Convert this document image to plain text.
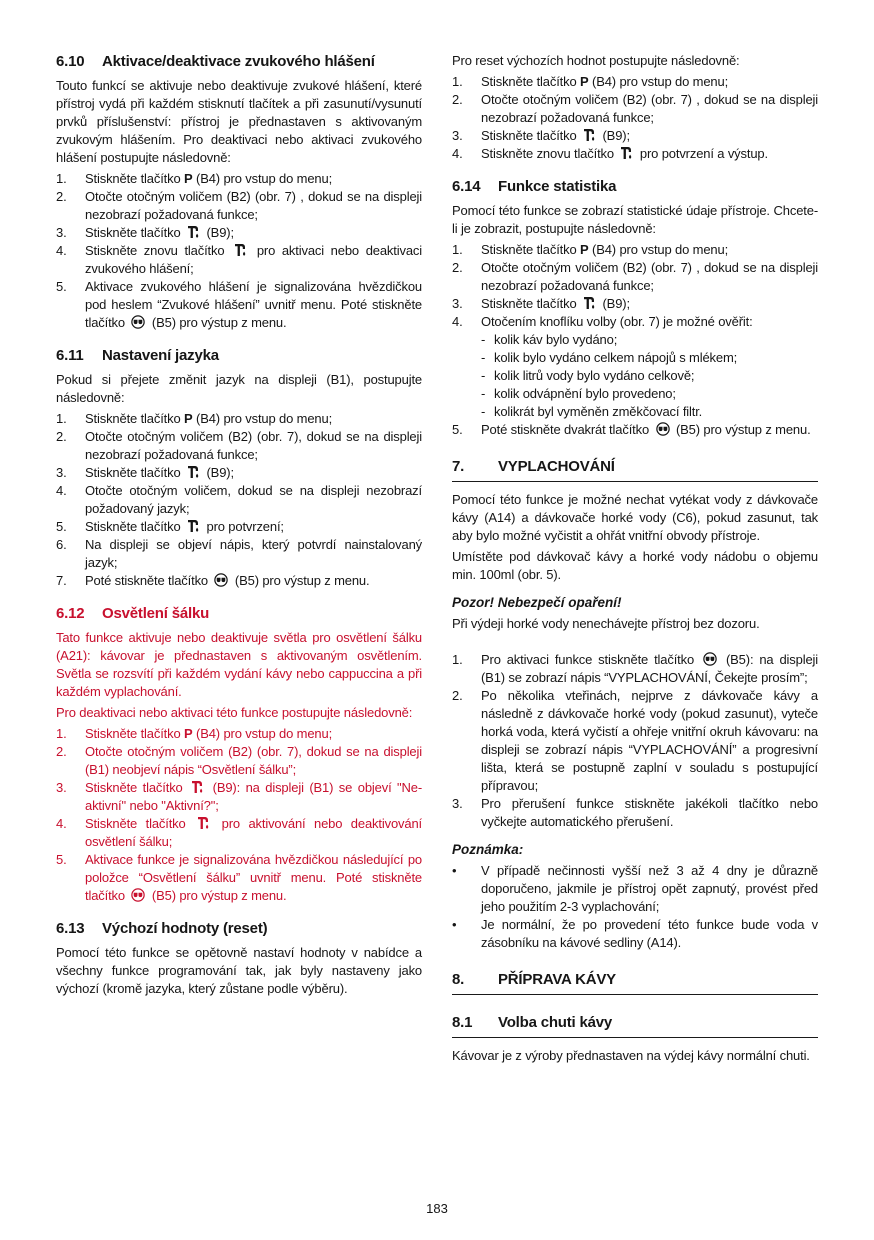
6.10	Aktivace/deaktivace zvukového hlášení

Touto funkcí se aktivuje nebo deaktivuje zvukové hlášení, které přístroj vydá při každém stisknutí tlačítek a při zasunutí/vysunutí prvků příslušenství: přístroj je přednastaven s aktivovaným zvukovým hlášením. Pro deaktivaci nebo aktivaci zvukového hlášení postupujte následovně:

1.	Stiskněte tlačítko P (B4) pro vstup do menu;
2.	Otočte otočným voličem (B2) (obr. 7) , dokud se na displeji nezobrazí požadovaná funkce;
3.	Stiskněte tlačítko  (B9);
4.	Stiskněte znovu tlačítko  pro aktivaci nebo deaktivaci zvukového hlášení;
5.	Aktivace zvukového hlášení je signalizována hvězdičkou pod heslem “Zvukové hlášení” uvnitř menu. Poté stiskněte tlačítko  (B5) pro výstup z menu.
6.11	Nastavení jazyka

Pokud si přejete změnit jazyk na displeji (B1), postupujte následovně:

1.	Stiskněte tlačítko P (B4) pro vstup do menu;
2.	Otočte otočným voličem (B2) (obr. 7), dokud se na displeji nezobrazí požadovaná funkce;
3.	Stiskněte tlačítko  (B9);
4.	Otočte otočným voličem, dokud se na displeji nezobrazí požadovaný jazyk;
5.	Stiskněte tlačítko  pro potvrzení;
6.	Na displeji se objeví nápis, který potvrdí nainstalovaný jazyk;
7.	Poté stiskněte tlačítko  (B5) pro výstup z menu.
6.12	Osvětlení šálku

Tato funkce aktivuje nebo deaktivuje světla pro osvětlení šálku (A21): kávovar je přednastaven s aktivovaným osvětlením. Světla se rozsvítí při každém vydání kávy nebo cappuccina a při každém vyplachování.

Pro deaktivaci nebo aktivaci této funkce postupujte následovně:

1.	Stiskněte tlačítko P (B4) pro vstup do menu;
2.	Otočte otočným voličem (B2) (obr. 7), dokud se na displeji (B1) neobjeví nápis “Osvětlení šálku”;
3.	Stiskněte tlačítko  (B9): na displeji (B1) se objeví "Ne-aktivní" nebo "Aktivní?";
4.	Stiskněte tlačítko  pro aktivování nebo deaktivování osvětlení šálku;
5.	Aktivace funkce je signalizována hvězdičkou následující po položce “Osvětlení šálku” uvnitř menu. Poté stiskněte tlačítko  (B5) pro výstup z menu.
6.13	Výchozí hodnoty (reset)

Pomocí této funkce se opětovně nastaví hodnoty v nabídce a všechny funkce programování tak, jak byly nastaveny jako výchozí (kromě jazyka, který zůstane podle výběru).

Pro reset výchozích hodnot postupujte následovně:

1.	Stiskněte tlačítko P (B4) pro vstup do menu;
2.	Otočte otočným voličem (B2) (obr. 7) , dokud se na displeji nezobrazí požadovaná funkce;
3.	Stiskněte tlačítko  (B9);
4.	Stiskněte znovu tlačítko  pro potvrzení a výstup.
6.14	Funkce statistika

Pomocí této funkce se zobrazí statistické údaje přístroje. Chcete-li je zobrazit, postupujte následovně:

1.	Stiskněte tlačítko P (B4) pro vstup do menu;
2.	Otočte otočným voličem (B2) (obr. 7) , dokud se na displeji nezobrazí požadovaná funkce;
3.	Stiskněte tlačítko  (B9);
4.	Otočením knoflíku volby (obr. 7) je možné ověřit:
- kolik káv bylo vydáno;
- kolik bylo vydáno celkem nápojů s mlékem;
- kolik litrů vody bylo vydáno celkově;
- kolik odvápnění bylo provedeno;
- kolikrát byl vyměněn změkčovací filtr.
5.	Poté stiskněte dvakrát tlačítko  (B5) pro výstup z menu.
7.	VYPLACHOVÁNÍ

Pomocí této funkce je možné nechat vytékat vody z dávkovače kávy (A14) a dávkovače horké vody (C6), pokud zasunut, tak aby bylo možné vyčistit a ohřát vnitřní obvody přístroje.

Umístěte pod dávkovač kávy a horké vody nádobu o objemu min. 100ml (obr. 5).

Pozor! Nebezpečí opaření!

Při výdeji horké vody nenechávejte přístroj bez dozoru.

1.	Pro aktivaci funkce stiskněte tlačítko  (B5): na displeji (B1) se zobrazí nápis “VYPLACHOVÁNÍ, Čekejte prosím”;
2.	Po několika vteřinách, nejprve z dávkovače kávy a následně z dávkovače horké vody (pokud zasunut), vyteče horká voda, která vyčistí a ohřeje vnitřní okruh kávovaru: na displeji se zobrazí nápis “VYPLACHOVÁNÍ” a progresivní lišta, která se postupně zaplní v souladu s postupující přípravou;
3.	Pro přerušení funkce stiskněte jakékoli tlačítko nebo vyčkejte automatického přerušení.

Poznámka:

•	V případě nečinnosti vyšší než 3 až 4 dny je důrazně doporučeno, jakmile je přístroj opět zapnutý, provést před jeho použitím 2-3 vyplachování;
•	Je normální, že po provedení této funkce bude voda v zásobníku na kávové sedliny (A14).
8.	PŘÍPRAVA KÁVY
8.1	Volba chuti kávy

Kávovar je z výroby přednastaven na výdej kávy normální chuti.

183
